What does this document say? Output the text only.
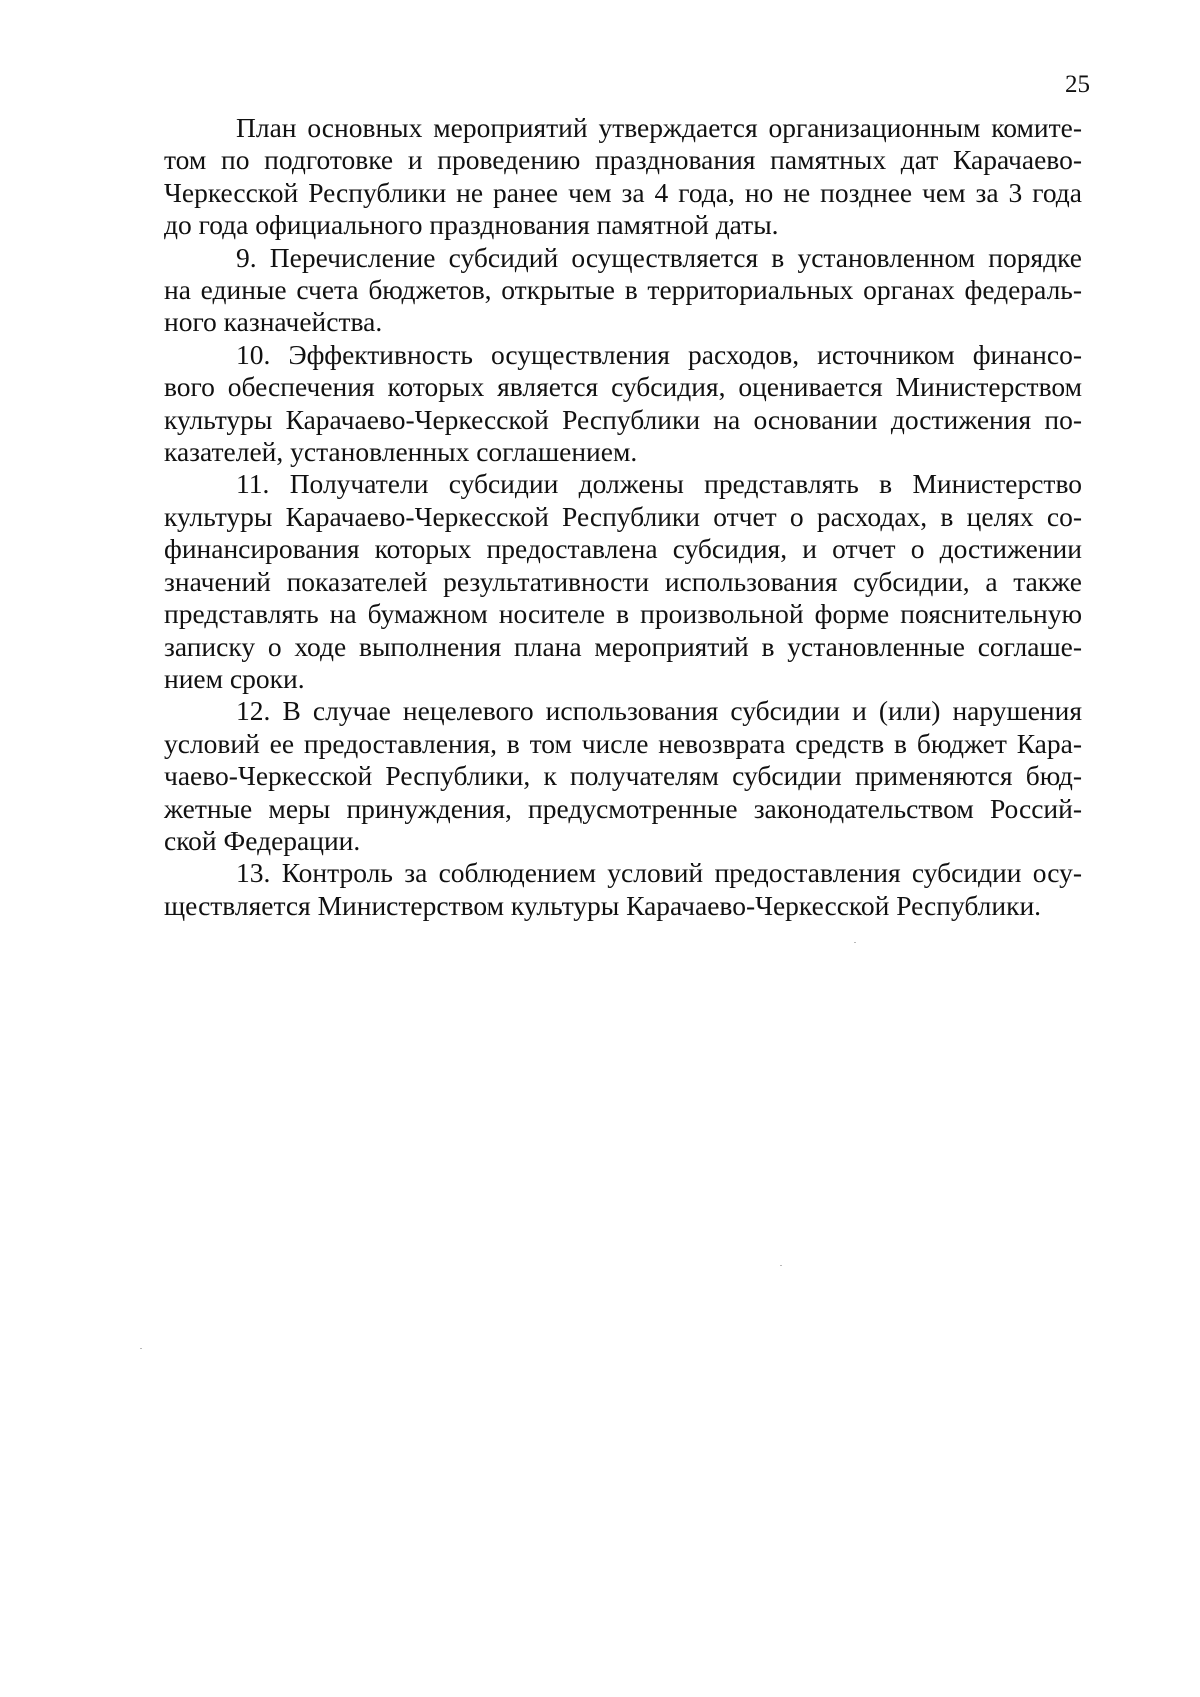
25

План основных мероприятий утверждается организационным комите-
том по подготовке и проведению празднования памятных дат Карачаево-
Черкесской Республики не ранее чем за 4 года, но не позднее чем за 3 года
до года официального празднования памятной даты.

9. Перечисление субсидий осуществляется в установленном порядке
на единые счета бюджетов, открытые в территориальных органах федераль-
ного казначейства.

10. Эффективность осуществления расходов, источником финансо-
вого обеспечения которых является субсидия, оценивается Министерством
культуры Карачаево-Черкесской Республики на основании достижения по-
казателей, установленных соглашением.

11. Получатели субсидии должены представлять в Министерство
культуры Карачаево-Черкесской Республики отчет о расходах, в целях со-
финансирования которых предоставлена субсидия, и отчет о достижении
значений показателей результативности использования субсидии, а также
представлять на бумажном носителе в произвольной форме пояснительную
записку о ходе выполнения плана мероприятий в установленные соглаше-
нием сроки.

12. В случае нецелевого использования субсидии и (или) нарушения
условий ее предоставления, в том числе невозврата средств в бюджет Кара-
чаево-Черкесской Республики, к получателям субсидии применяются бюд-
жетные меры принуждения, предусмотренные законодательством Россий-
ской Федерации.

13. Контроль за соблюдением условий предоставления субсидии осу-
ществляется Министерством культуры Карачаево-Черкесской Республики.
